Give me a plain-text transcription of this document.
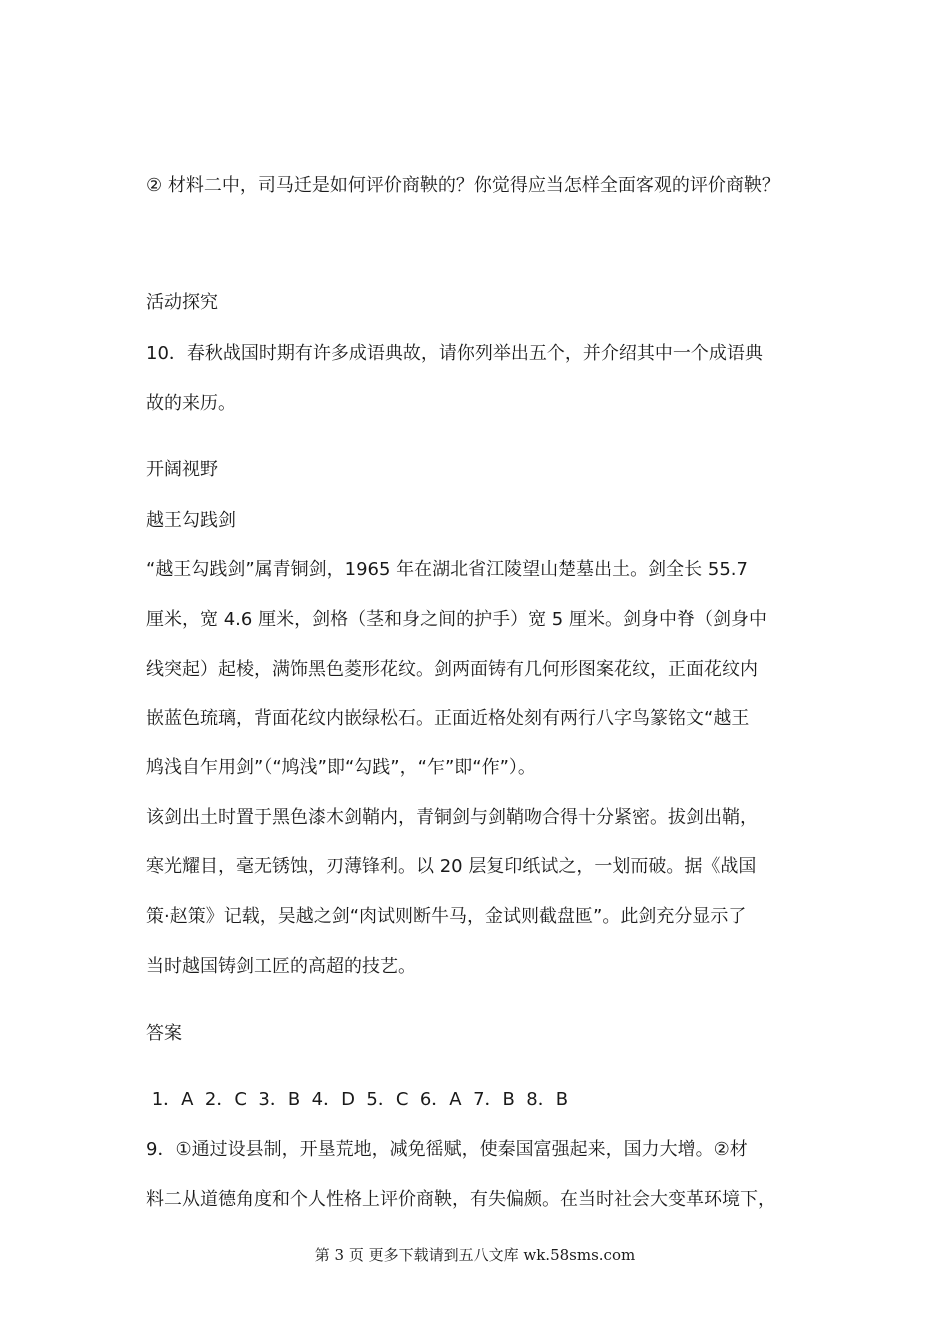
② 材料二中，司马迁是如何评价商鞅的？你觉得应当怎样全面客观的评价商鞅？
活动探究
10．春秋战国时期有许多成语典故，请你列举出五个，并介绍其中一个成语典
故的来历。
开阔视野
越王勾践剑
“越王勾践剑”属青铜剑，1965 年在湖北省江陵望山楚墓出土。剑全长 55.7
厘米，宽 4.6 厘米，剑格（茎和身之间的护手）宽 5 厘米。剑身中脊（剑身中
线突起）起棱，满饰黑色菱形花纹。剑两面铸有几何形图案花纹，正面花纹内
嵌蓝色琉璃，背面花纹内嵌绿松石。正面近格处刻有两行八字鸟篆铭文“越王
鸠浅自乍用剑”（“鸠浅”即“勾践”，“乍”即“作”）。
该剑出土时置于黑色漆木剑鞘内，青铜剑与剑鞘吻合得十分紧密。拔剑出鞘，
寒光耀目，毫无锈蚀，刃薄锋利。以 20 层复印纸试之，一划而破。据《战国
策·赵策》记载，吴越之剑“肉试则断牛马，金试则截盘匜”。此剑充分显示了
当时越国铸剑工匠的高超的技艺。
答案
1．A  2．C  3．B  4．D  5．C  6．A  7．B  8．B
9．①通过设县制，开垦荒地，减免徭赋，使秦国富强起来，国力大增。②材
料二从道德角度和个人性格上评价商鞅，有失偏颇。在当时社会大变革环境下，
第 3 页 更多下载请到五八文库 wk.58sms.com
